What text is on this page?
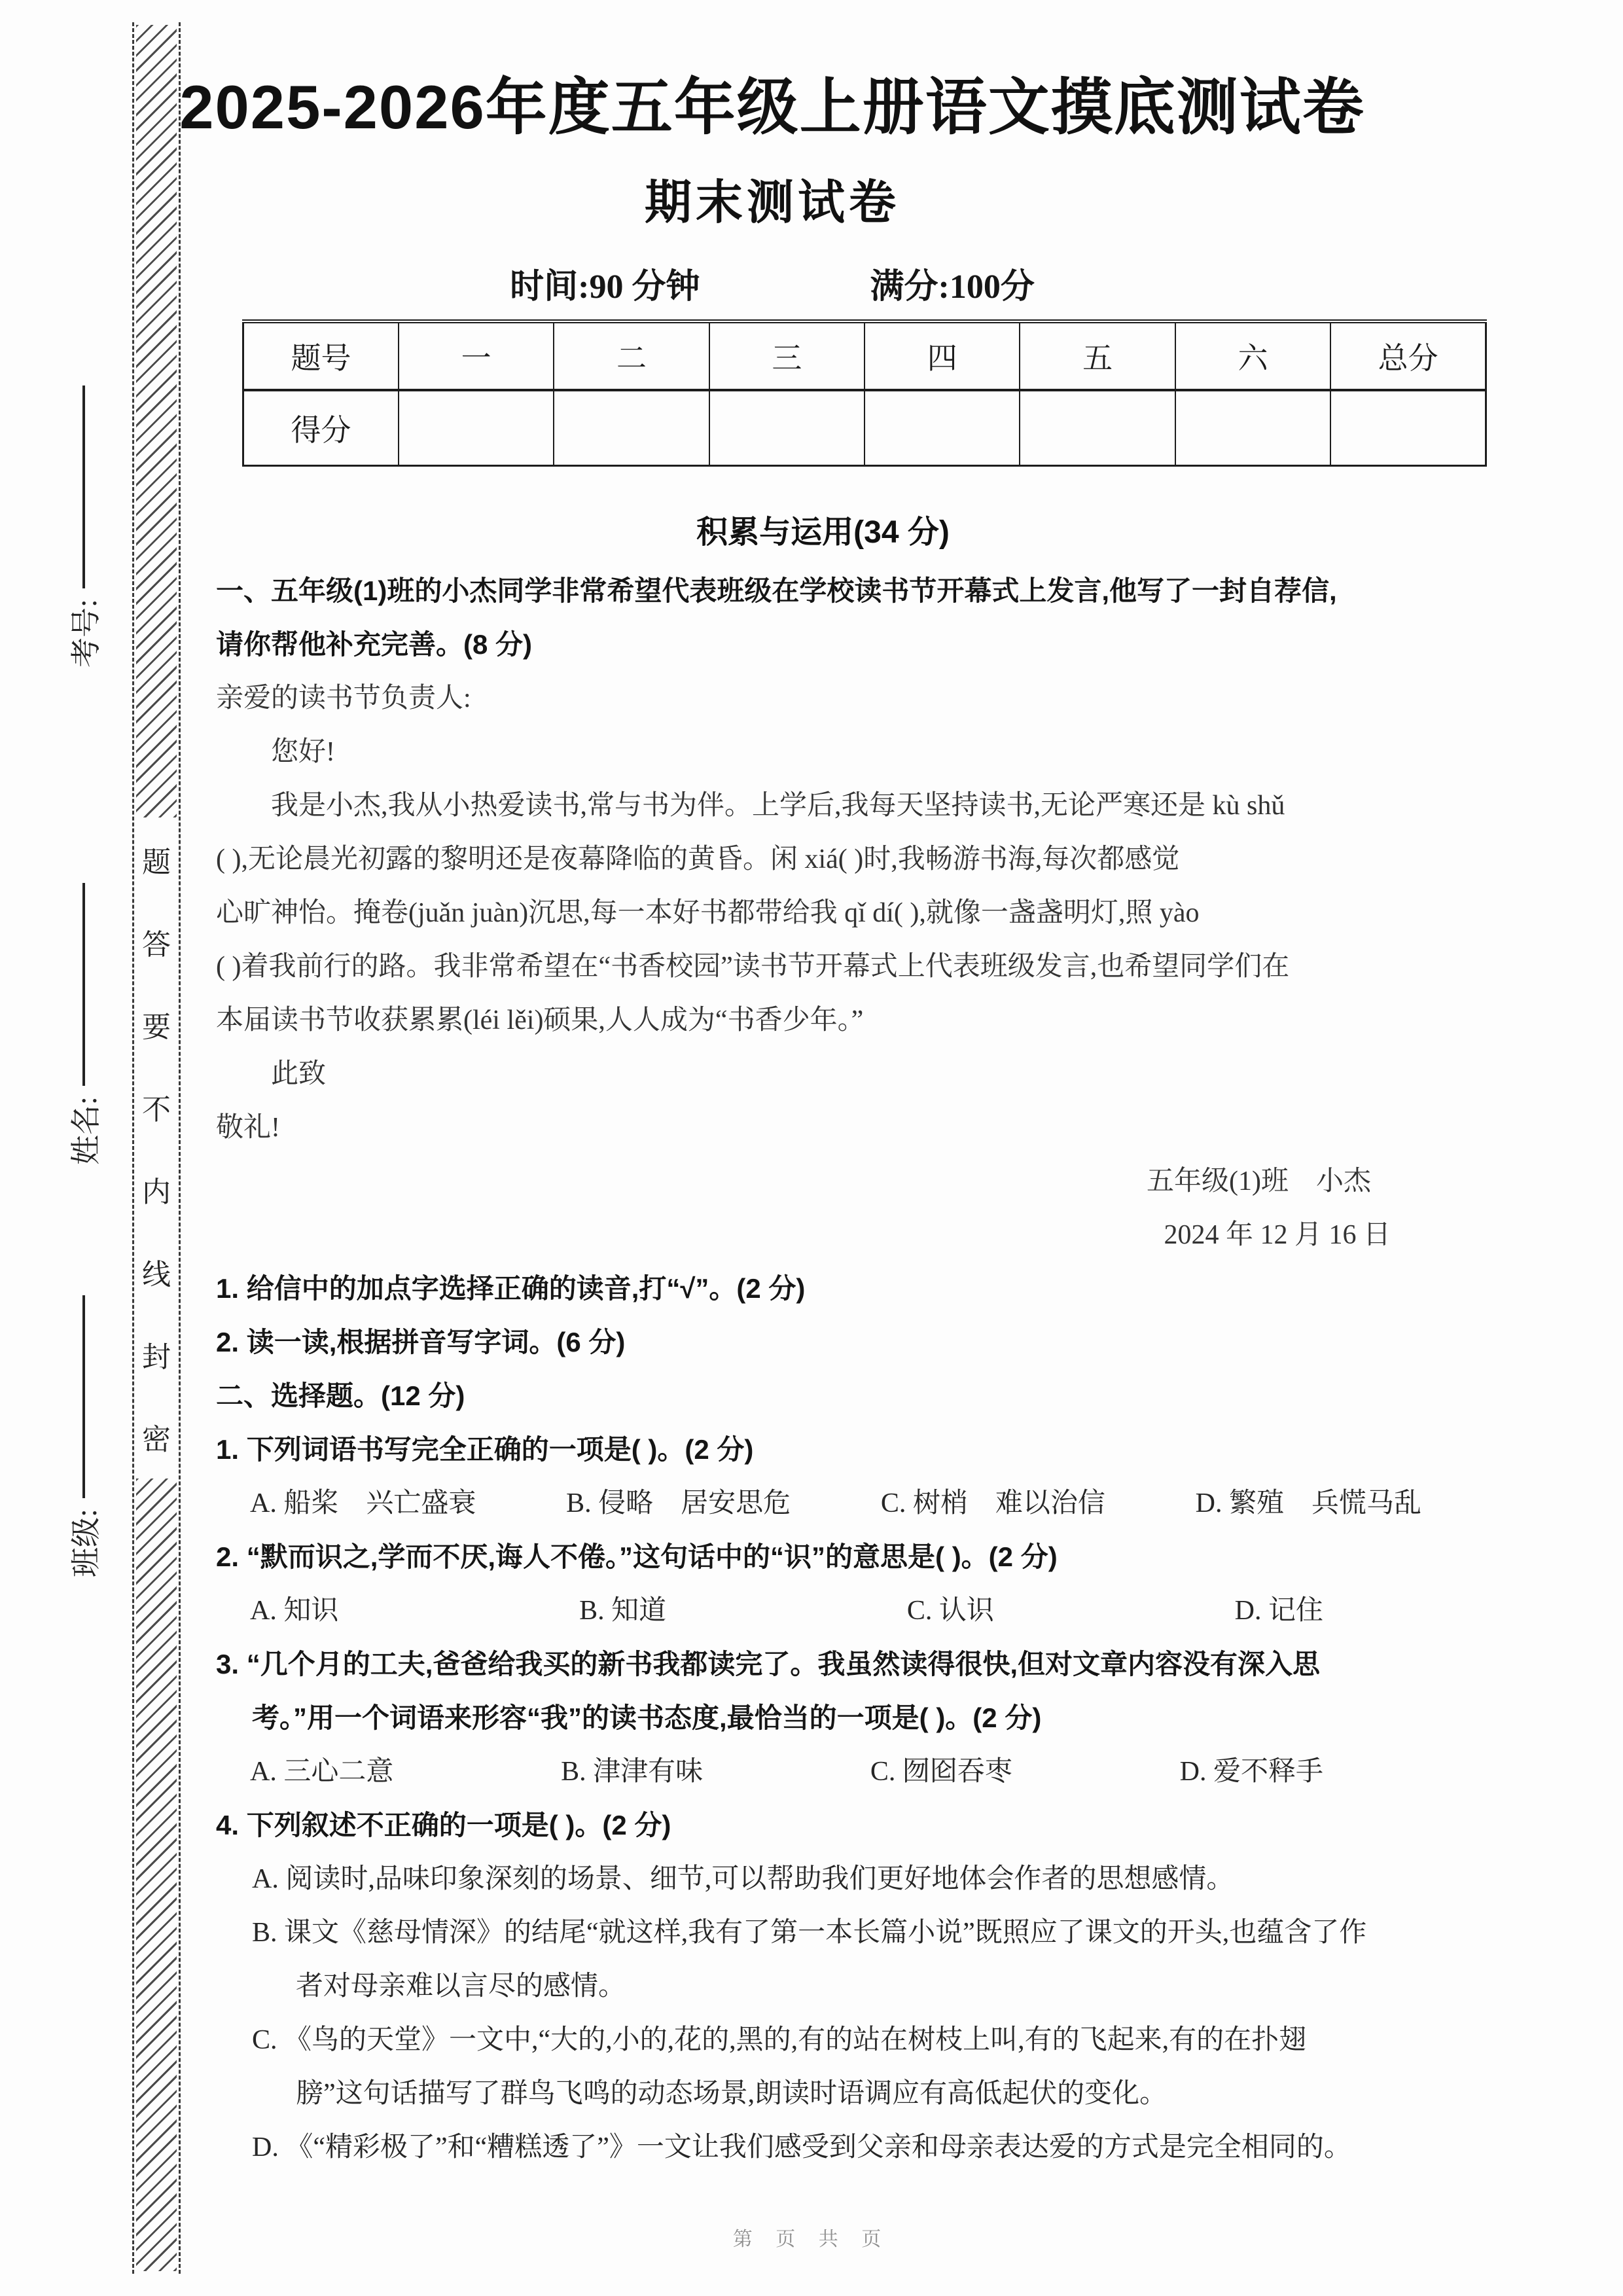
题
答
要
不
内
线
封
密
考号:
姓名:
班级:
2025-2026年度五年级上册语文摸底测试卷
期末测试卷
时间:90 分钟	满分:100分
题号	一	二	三	四	五	六	总分
得分							
积累与运用(34 分)
一、五年级(1)班的小杰同学非常希望代表班级在学校读书节开幕式上发言,他写了一封自荐信,
请你帮他补充完善。(8 分)
亲爱的读书节负责人:
您好!
我是小杰,我从小热爱读书,常与书为伴。上学后,我每天坚持读书,无论严寒还是 kù shǔ
( ),无论晨光初露的黎明还是夜幕降临的黄昏。闲 xiá( )时,我畅游书海,每次都感觉
心旷神怡。掩卷(juǎn juàn)沉思,每一本好书都带给我 qǐ dí( ),就像一盏盏明灯,照 yào
( )着我前行的路。我非常希望在“书香校园”读书节开幕式上代表班级发言,也希望同学们在
本届读书节收获累累(léi lěi)硕果,人人成为“书香少年。”
此致
敬礼!
五年级(1)班　小杰
2024 年 12 月 16 日
1. 给信中的加点字选择正确的读音,打“√”。(2 分)
2. 读一读,根据拼音写字词。(6 分)
二、选择题。(12 分)
1. 下列词语书写完全正确的一项是( )。(2 分)
A. 船桨　兴亡盛衰	B. 侵略　居安思危	C. 树梢　难以治信	D. 繁殖　兵慌马乱
2. “默而识之,学而不厌,诲人不倦。”这句话中的“识”的意思是( )。(2 分)
A. 知识	B. 知道	C. 认识	D. 记住
3. “几个月的工夫,爸爸给我买的新书我都读完了。我虽然读得很快,但对文章内容没有深入思
考。”用一个词语来形容“我”的读书态度,最恰当的一项是( )。(2 分)
A. 三心二意	B. 津津有味	C. 囫囵吞枣	D. 爱不释手
4. 下列叙述不正确的一项是( )。(2 分)
A. 阅读时,品味印象深刻的场景、细节,可以帮助我们更好地体会作者的思想感情。
B. 课文《慈母情深》的结尾“就这样,我有了第一本长篇小说”既照应了课文的开头,也蕴含了作
者对母亲难以言尽的感情。
C. 《鸟的天堂》一文中,“大的,小的,花的,黑的,有的站在树枝上叫,有的飞起来,有的在扑翅
膀”这句话描写了群鸟飞鸣的动态场景,朗读时语调应有高低起伏的变化。
D. 《“精彩极了”和“糟糕透了”》一文让我们感受到父亲和母亲表达爱的方式是完全相同的。
第 页 共 页
